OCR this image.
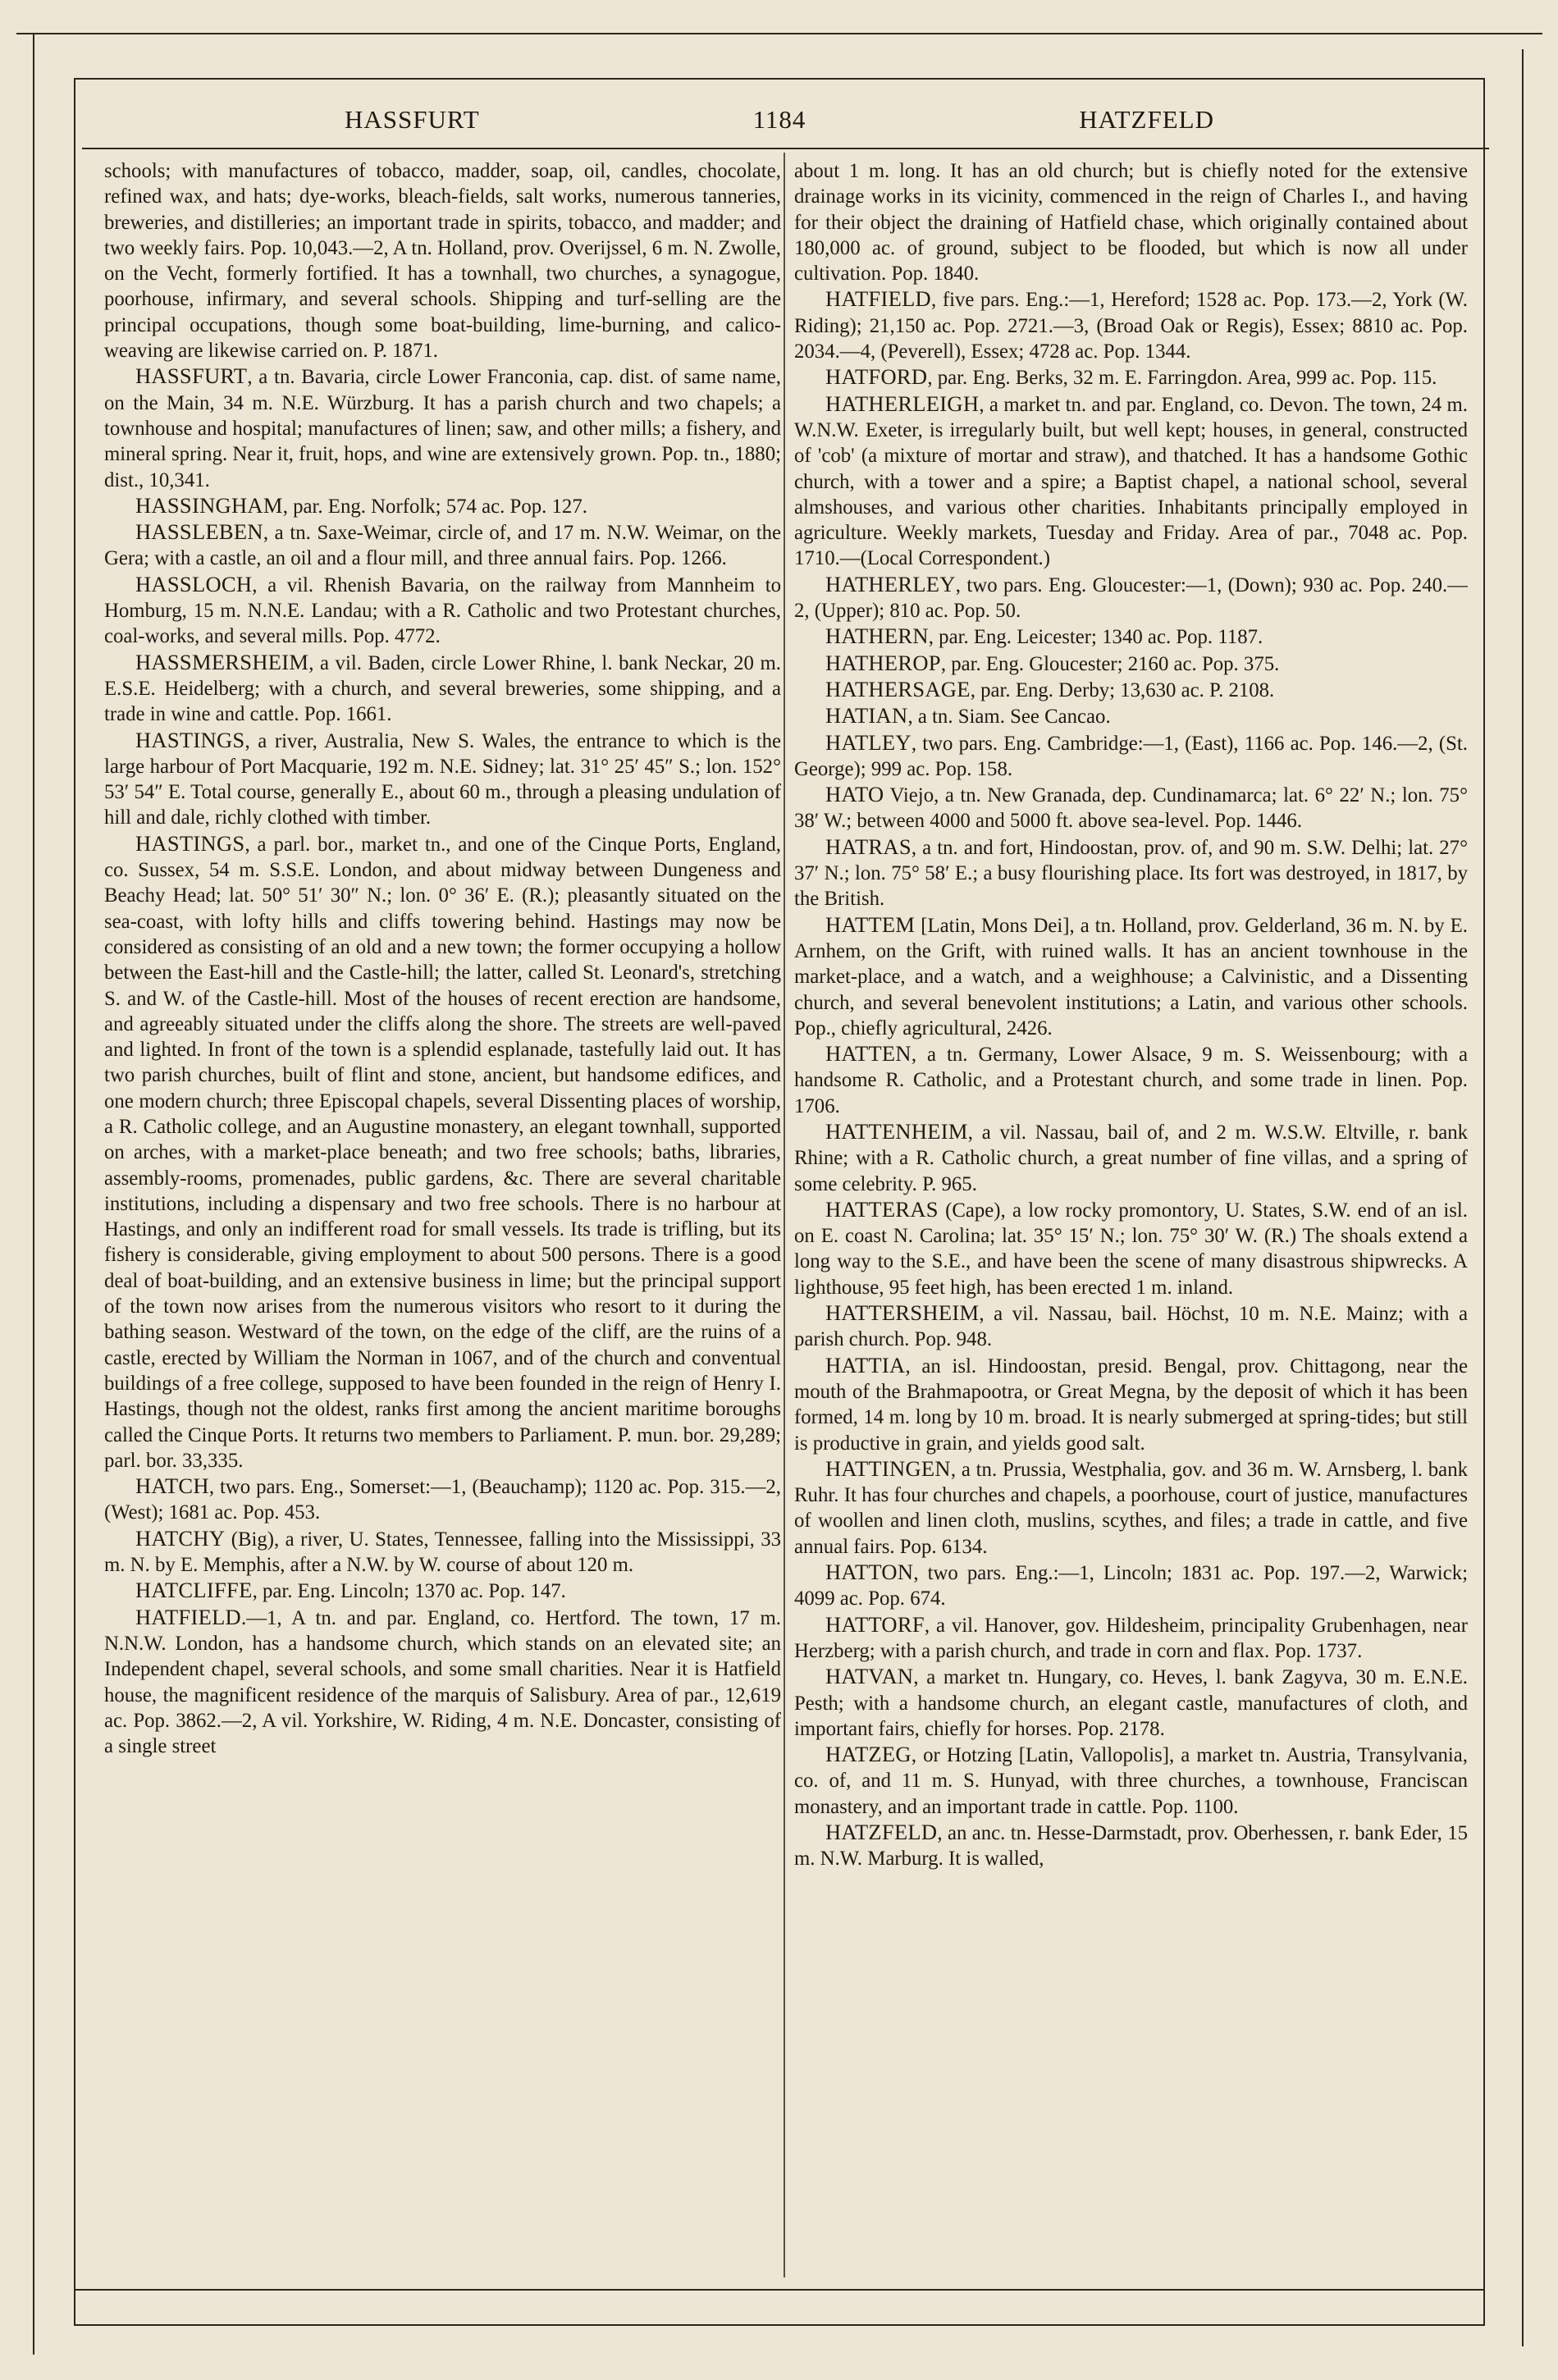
1184
HASSFURT	HATZFELD

schools; with manufactures of tobacco, madder, soap, oil, candles, chocolate, refined wax, and hats; dye-works, bleach-fields, salt works, numerous tanneries, breweries, and distilleries; an important trade in spirits, tobacco, and madder; and two weekly fairs. Pop. 10,043.—2, A tn. Holland, prov. Overijssel, 6 m. N. Zwolle, on the Vecht, formerly fortified. It has a townhall, two churches, a synagogue, poorhouse, infirmary, and several schools. Shipping and turf-selling are the principal occupations, though some boat-building, lime-burning, and calico-weaving are likewise carried on. P. 1871.

HASSFURT, a tn. Bavaria, circle Lower Franconia, cap. dist. of same name, on the Main, 34 m. N.E. Würzburg. It has a parish church and two chapels; a townhouse and hospital; manufactures of linen; saw, and other mills; a fishery, and mineral spring. Near it, fruit, hops, and wine are extensively grown. Pop. tn., 1880; dist., 10,341.

HASSINGHAM, par. Eng. Norfolk; 574 ac. Pop. 127.

HASSLEBEN, a tn. Saxe-Weimar, circle of, and 17 m. N.W. Weimar, on the Gera; with a castle, an oil and a flour mill, and three annual fairs. Pop. 1266.

HASSLOCH, a vil. Rhenish Bavaria, on the railway from Mannheim to Homburg, 15 m. N.N.E. Landau; with a R. Catholic and two Protestant churches, coal-works, and several mills. Pop. 4772.

HASSMERSHEIM, a vil. Baden, circle Lower Rhine, l. bank Neckar, 20 m. E.S.E. Heidelberg; with a church, and several breweries, some shipping, and a trade in wine and cattle. Pop. 1661.

HASTINGS, a river, Australia, New S. Wales, the entrance to which is the large harbour of Port Macquarie, 192 m. N.E. Sidney; lat. 31° 25′ 45″ S.; lon. 152° 53′ 54″ E. Total course, generally E., about 60 m., through a pleasing undulation of hill and dale, richly clothed with timber.

HASTINGS, a parl. bor., market tn., and one of the Cinque Ports, England, co. Sussex, 54 m. S.S.E. London, and about midway between Dungeness and Beachy Head; lat. 50° 51′ 30″ N.; lon. 0° 36′ E. (R.); pleasantly situated on the sea-coast, with lofty hills and cliffs towering behind. Hastings may now be considered as consisting of an old and a new town; the former occupying a hollow between the East-hill and the Castle-hill; the latter, called St. Leonard's, stretching S. and W. of the Castle-hill. Most of the houses of recent erection are handsome, and agreeably situated under the cliffs along the shore. The streets are well-paved and lighted. In front of the town is a splendid esplanade, tastefully laid out. It has two parish churches, built of flint and stone, ancient, but handsome edifices, and one modern church; three Episcopal chapels, several Dissenting places of worship, a R. Catholic college, and an Augustine monastery, an elegant townhall, supported on arches, with a market-place beneath; and two free schools; baths, libraries, assembly-rooms, promenades, public gardens, &c. There are several charitable institutions, including a dispensary and two free schools. There is no harbour at Hastings, and only an indifferent road for small vessels. Its trade is trifling, but its fishery is considerable, giving employment to about 500 persons. There is a good deal of boat-building, and an extensive business in lime; but the principal support of the town now arises from the numerous visitors who resort to it during the bathing season. Westward of the town, on the edge of the cliff, are the ruins of a castle, erected by William the Norman in 1067, and of the church and conventual buildings of a free college, supposed to have been founded in the reign of Henry I. Hastings, though not the oldest, ranks first among the ancient maritime boroughs called the Cinque Ports. It returns two members to Parliament. P. mun. bor. 29,289; parl. bor. 33,335.

HATCH, two pars. Eng., Somerset:—1, (Beauchamp); 1120 ac. Pop. 315.—2, (West); 1681 ac. Pop. 453.

HATCHY (Big), a river, U. States, Tennessee, falling into the Mississippi, 33 m. N. by E. Memphis, after a N.W. by W. course of about 120 m.

HATCLIFFE, par. Eng. Lincoln; 1370 ac. Pop. 147.

HATFIELD.—1, A tn. and par. England, co. Hertford. The town, 17 m. N.N.W. London, has a handsome church, which stands on an elevated site; an Independent chapel, several schools, and some small charities. Near it is Hatfield house, the magnificent residence of the marquis of Salisbury. Area of par., 12,619 ac. Pop. 3862.—2, A vil. Yorkshire, W. Riding, 4 m. N.E. Doncaster, consisting of a single street

about 1 m. long. It has an old church; but is chiefly noted for the extensive drainage works in its vicinity, commenced in the reign of Charles I., and having for their object the draining of Hatfield chase, which originally contained about 180,000 ac. of ground, subject to be flooded, but which is now all under cultivation. Pop. 1840.

HATFIELD, five pars. Eng.:—1, Hereford; 1528 ac. Pop. 173.—2, York (W. Riding); 21,150 ac. Pop. 2721.—3, (Broad Oak or Regis), Essex; 8810 ac. Pop. 2034.—4, (Peverell), Essex; 4728 ac. Pop. 1344.

HATFORD, par. Eng. Berks, 32 m. E. Farringdon. Area, 999 ac. Pop. 115.

HATHERLEIGH, a market tn. and par. England, co. Devon. The town, 24 m. W.N.W. Exeter, is irregularly built, but well kept; houses, in general, constructed of 'cob' (a mixture of mortar and straw), and thatched. It has a handsome Gothic church, with a tower and a spire; a Baptist chapel, a national school, several almshouses, and various other charities. Inhabitants principally employed in agriculture. Weekly markets, Tuesday and Friday. Area of par., 7048 ac. Pop. 1710.—(Local Correspondent.)

HATHERLEY, two pars. Eng. Gloucester:—1, (Down); 930 ac. Pop. 240.—2, (Upper); 810 ac. Pop. 50.

HATHERN, par. Eng. Leicester; 1340 ac. Pop. 1187.

HATHEROP, par. Eng. Gloucester; 2160 ac. Pop. 375.

HATHERSAGE, par. Eng. Derby; 13,630 ac. P. 2108.

HATIAN, a tn. Siam. See Cancao.

HATLEY, two pars. Eng. Cambridge:—1, (East), 1166 ac. Pop. 146.—2, (St. George); 999 ac. Pop. 158.

HATO Viejo, a tn. New Granada, dep. Cundinamarca; lat. 6° 22′ N.; lon. 75° 38′ W.; between 4000 and 5000 ft. above sea-level. Pop. 1446.

HATRAS, a tn. and fort, Hindoostan, prov. of, and 90 m. S.W. Delhi; lat. 27° 37′ N.; lon. 75° 58′ E.; a busy flourishing place. Its fort was destroyed, in 1817, by the British.

HATTEM [Latin, Mons Dei], a tn. Holland, prov. Gelderland, 36 m. N. by E. Arnhem, on the Grift, with ruined walls. It has an ancient townhouse in the market-place, and a watch, and a weighhouse; a Calvinistic, and a Dissenting church, and several benevolent institutions; a Latin, and various other schools. Pop., chiefly agricultural, 2426.

HATTEN, a tn. Germany, Lower Alsace, 9 m. S. Weissenbourg; with a handsome R. Catholic, and a Protestant church, and some trade in linen. Pop. 1706.

HATTENHEIM, a vil. Nassau, bail of, and 2 m. W.S.W. Eltville, r. bank Rhine; with a R. Catholic church, a great number of fine villas, and a spring of some celebrity. P. 965.

HATTERAS (Cape), a low rocky promontory, U. States, S.W. end of an isl. on E. coast N. Carolina; lat. 35° 15′ N.; lon. 75° 30′ W. (R.) The shoals extend a long way to the S.E., and have been the scene of many disastrous shipwrecks. A lighthouse, 95 feet high, has been erected 1 m. inland.

HATTERSHEIM, a vil. Nassau, bail. Höchst, 10 m. N.E. Mainz; with a parish church. Pop. 948.

HATTIA, an isl. Hindoostan, presid. Bengal, prov. Chittagong, near the mouth of the Brahmapootra, or Great Megna, by the deposit of which it has been formed, 14 m. long by 10 m. broad. It is nearly submerged at spring-tides; but still is productive in grain, and yields good salt.

HATTINGEN, a tn. Prussia, Westphalia, gov. and 36 m. W. Arnsberg, l. bank Ruhr. It has four churches and chapels, a poorhouse, court of justice, manufactures of woollen and linen cloth, muslins, scythes, and files; a trade in cattle, and five annual fairs. Pop. 6134.

HATTON, two pars. Eng.:—1, Lincoln; 1831 ac. Pop. 197.—2, Warwick; 4099 ac. Pop. 674.

HATTORF, a vil. Hanover, gov. Hildesheim, principality Grubenhagen, near Herzberg; with a parish church, and trade in corn and flax. Pop. 1737.

HATVAN, a market tn. Hungary, co. Heves, l. bank Zagyva, 30 m. E.N.E. Pesth; with a handsome church, an elegant castle, manufactures of cloth, and important fairs, chiefly for horses. Pop. 2178.

HATZEG, or Hotzing [Latin, Vallopolis], a market tn. Austria, Transylvania, co. of, and 11 m. S. Hunyad, with three churches, a townhouse, Franciscan monastery, and an important trade in cattle. Pop. 1100.

HATZFELD, an anc. tn. Hesse-Darmstadt, prov. Oberhessen, r. bank Eder, 15 m. N.W. Marburg. It is walled,
